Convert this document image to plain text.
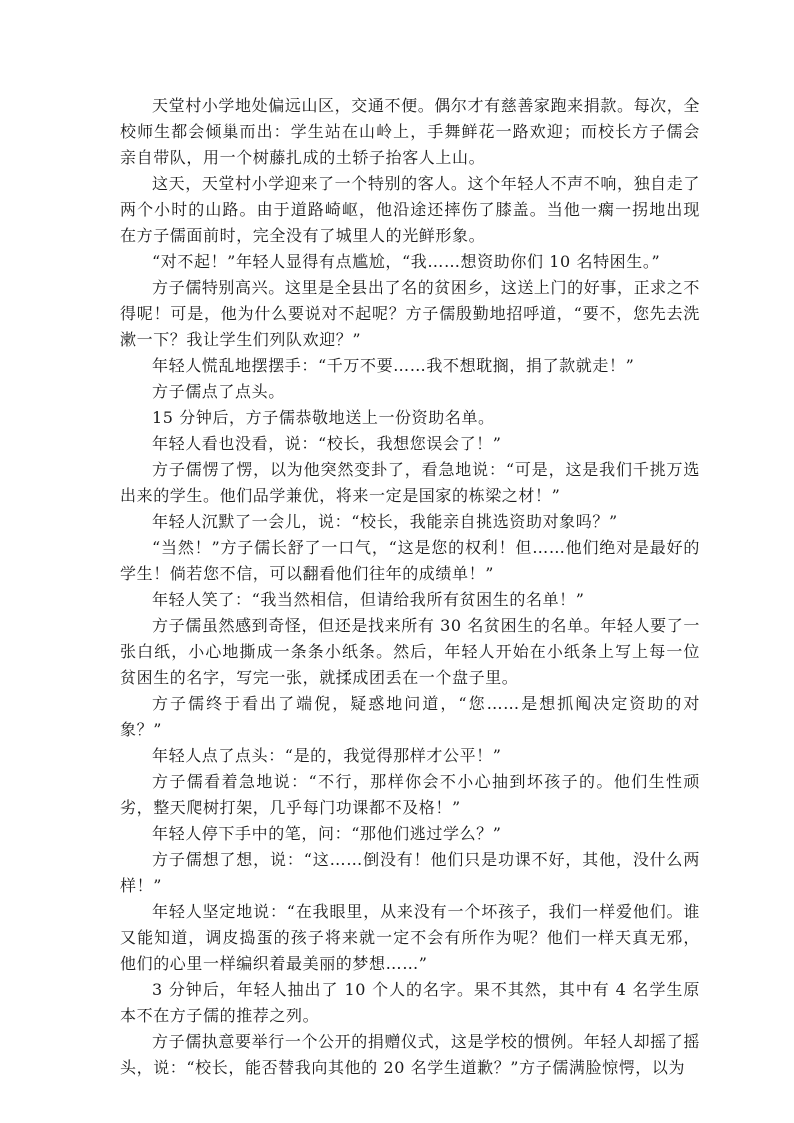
天堂村小学地处偏远山区，交通不便。偶尔才有慈善家跑来捐款。每次，全校师生都会倾巢而出：学生站在山岭上，手舞鲜花一路欢迎；而校长方子儒会亲自带队，用一个树藤扎成的土轿子抬客人上山。

这天，天堂村小学迎来了一个特别的客人。这个年轻人不声不响，独自走了两个小时的山路。由于道路崎岖，他沿途还摔伤了膝盖。当他一瘸一拐地出现在方子儒面前时，完全没有了城里人的光鲜形象。

“对不起！”年轻人显得有点尴尬，“我……想资助你们 10 名特困生。”

方子儒特别高兴。这里是全县出了名的贫困乡，这送上门的好事，正求之不得呢！可是，他为什么要说对不起呢？方子儒殷勤地招呼道，“要不，您先去洗漱一下？我让学生们列队欢迎？”

年轻人慌乱地摆摆手：“千万不要……我不想耽搁，捐了款就走！”

方子儒点了点头。

15 分钟后，方子儒恭敬地送上一份资助名单。

年轻人看也没看，说：“校长，我想您误会了！”

方子儒愣了愣，以为他突然变卦了，看急地说：“可是，这是我们千挑万选出来的学生。他们品学兼优，将来一定是国家的栋梁之材！”

年轻人沉默了一会儿，说：“校长，我能亲自挑选资助对象吗？”

“当然！”方子儒长舒了一口气，“这是您的权利！但……他们绝对是最好的学生！倘若您不信，可以翻看他们往年的成绩单！”

年轻人笑了：“我当然相信，但请给我所有贫困生的名单！”

方子儒虽然感到奇怪，但还是找来所有 30 名贫困生的名单。年轻人要了一张白纸，小心地撕成一条条小纸条。然后，年轻人开始在小纸条上写上每一位贫困生的名字，写完一张，就揉成团丢在一个盘子里。

方子儒终于看出了端倪，疑惑地问道，“您……是想抓阄决定资助的对象？”

年轻人点了点头：“是的，我觉得那样才公平！”

方子儒看着急地说：“不行，那样你会不小心抽到坏孩子的。他们生性顽劣，整天爬树打架，几乎每门功课都不及格！”

年轻人停下手中的笔，问：“那他们逃过学么？”

方子儒想了想，说：“这……倒没有！他们只是功课不好，其他，没什么两样！”

年轻人坚定地说：“在我眼里，从来没有一个坏孩子，我们一样爱他们。谁又能知道，调皮捣蛋的孩子将来就一定不会有所作为呢？他们一样天真无邪，他们的心里一样编织着最美丽的梦想……”

3 分钟后，年轻人抽出了 10 个人的名字。果不其然，其中有 4 名学生原本不在方子儒的推荐之列。

方子儒执意要举行一个公开的捐赠仪式，这是学校的惯例。年轻人却摇了摇头，说：“校长，能否替我向其他的 20 名学生道歉？”方子儒满脸惊愕，以为
